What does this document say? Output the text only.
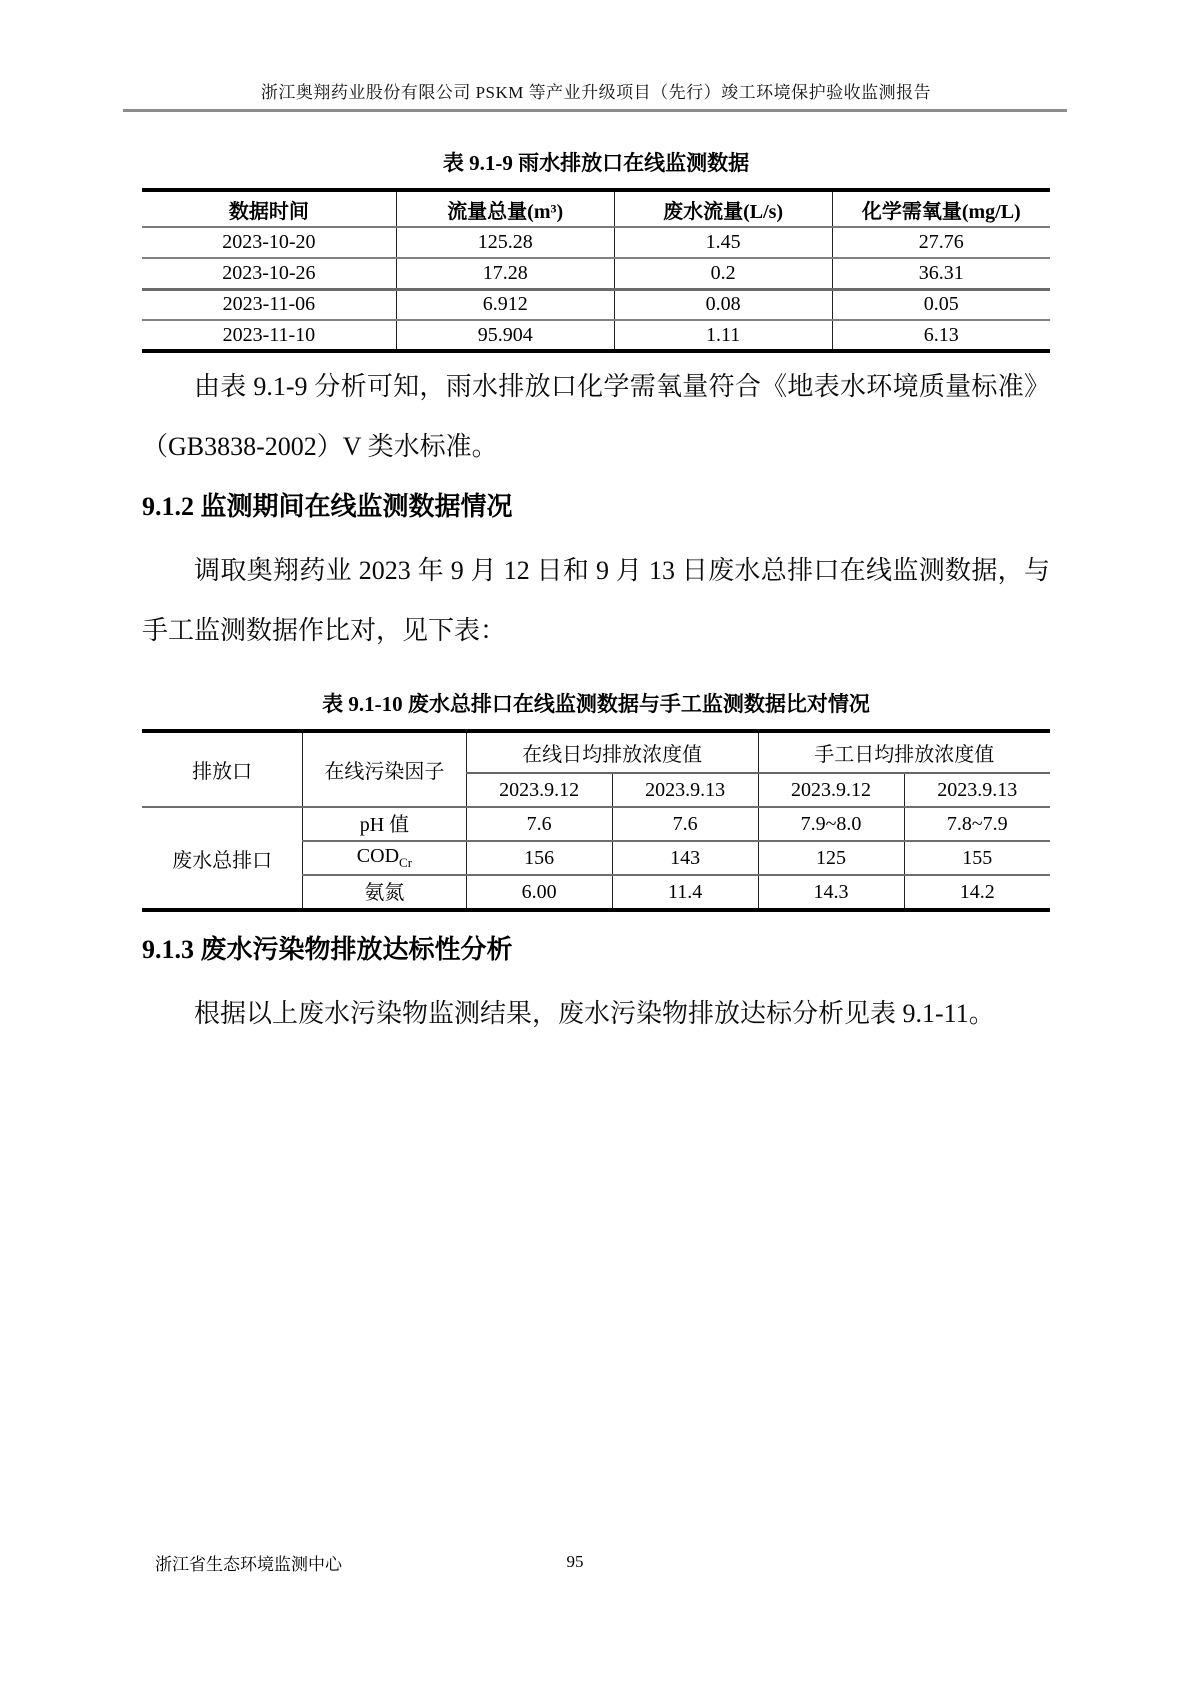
浙江奥翔药业股份有限公司 PSKM 等产业升级项目（先行）竣工环境保护验收监测报告
表 9.1-9 雨水排放口在线监测数据
数据时间	流量总量(m³)	废水流量(L/s)	化学需氧量(mg/L)
2023-10-20	125.28	1.45	27.76
2023-10-26	17.28	0.2	36.31
2023-11-06	6.912	0.08	0.05
2023-11-10	95.904	1.11	6.13

由表 9.1-9 分析可知，雨水排放口化学需氧量符合《地表水环境质量标准》（GB3838-2002）V 类水标准。

9.1.2 监测期间在线监测数据情况

调取奥翔药业 2023 年 9 月 12 日和 9 月 13 日废水总排口在线监测数据，与手工监测数据作比对，见下表：

表 9.1-10 废水总排口在线监测数据与手工监测数据比对情况
排放口	在线污染因子	在线日均排放浓度值		手工日均排放浓度值	
		2023.9.12	2023.9.13	2023.9.12	2023.9.13
废水总排口	pH 值	7.6	7.6	7.9~8.0	7.8~7.9
	$COD_{Cr}$	156	143	125	155
	氨氮	6.00	11.4	14.3	14.2
9.1.3 废水污染物排放达标性分析

根据以上废水污染物监测结果，废水污染物排放达标分析见表 9.1-11。

浙江省生态环境监测中心	95
